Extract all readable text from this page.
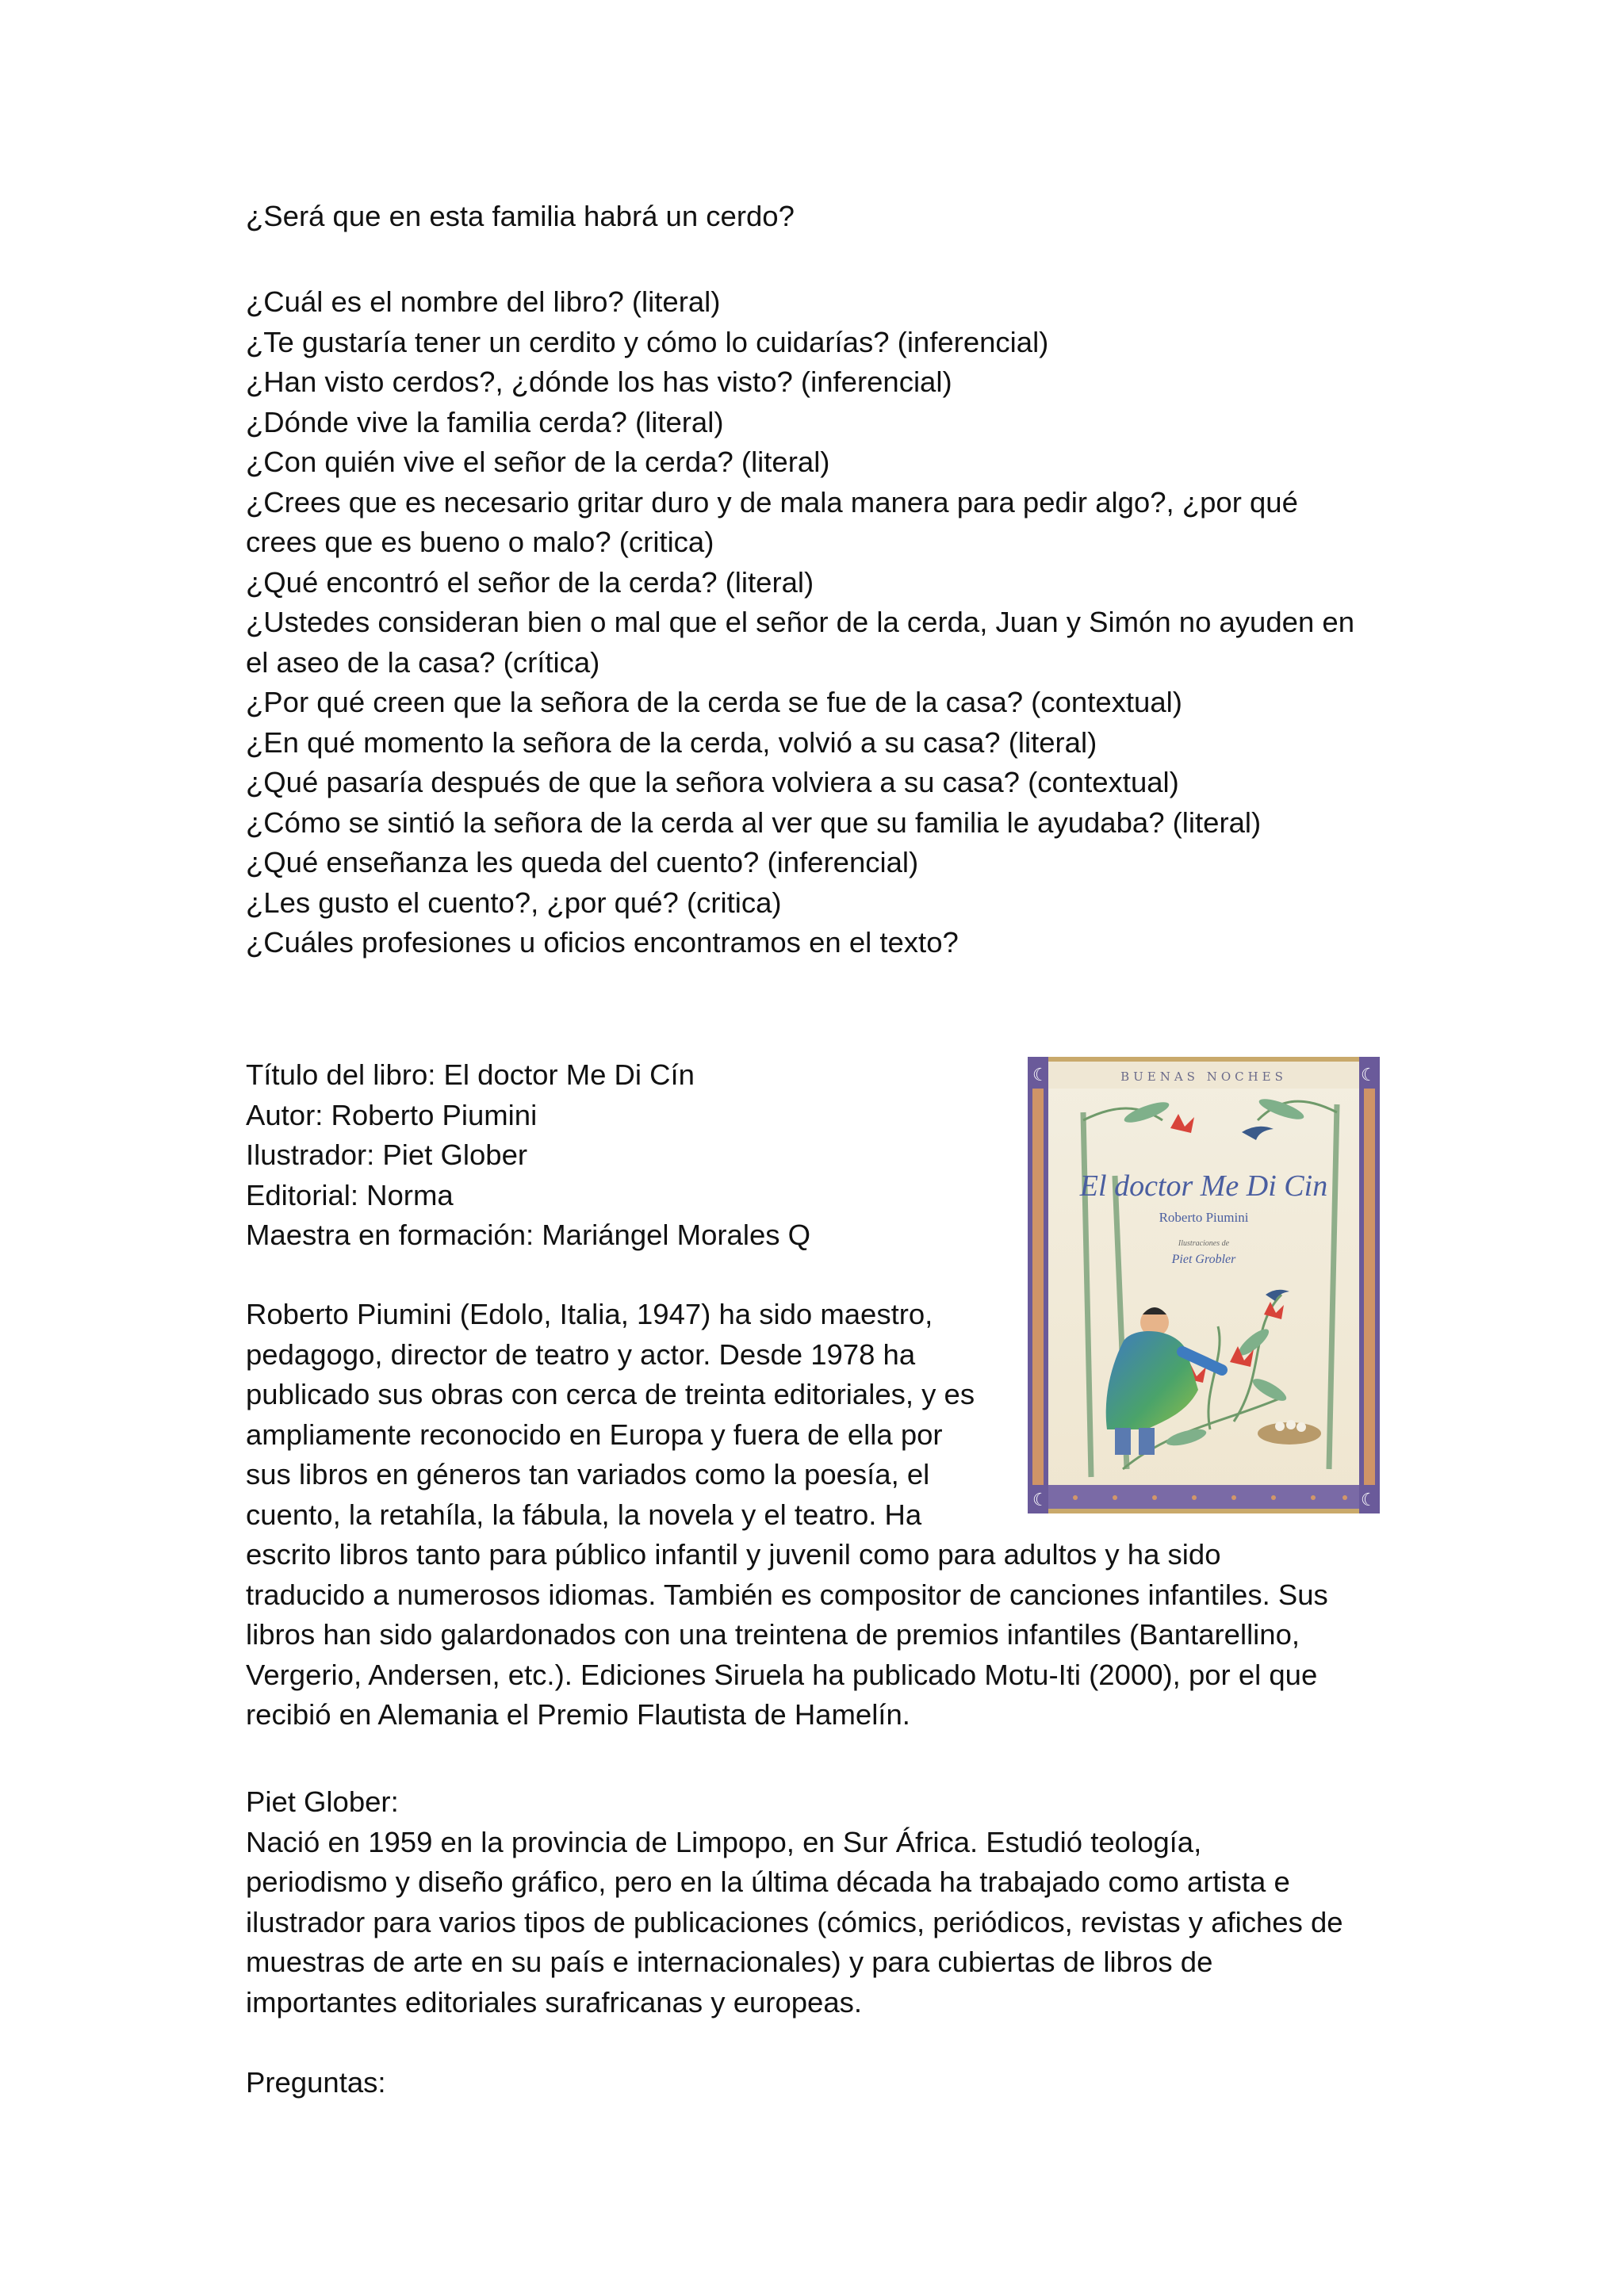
¿Será que en esta familia habrá un cerdo?
¿Cuál es el nombre del libro? (literal)
¿Te gustaría tener un cerdito y cómo lo cuidarías? (inferencial)
¿Han visto cerdos?, ¿dónde los has visto? (inferencial)
¿Dónde vive la familia cerda? (literal)
¿Con quién vive el señor de la cerda? (literal)
¿Crees que es necesario gritar duro y de mala manera para pedir algo?, ¿por qué
crees que es bueno o malo? (critica)
¿Qué encontró el señor de la cerda? (literal)
¿Ustedes consideran bien o mal que el señor de la cerda, Juan y Simón no ayuden en
el aseo de la casa? (crítica)
¿Por qué creen que la señora de la cerda se fue de la casa? (contextual)
¿En qué momento la señora de la cerda, volvió a su casa? (literal)
¿Qué pasaría después de que la señora volviera a su casa? (contextual)
¿Cómo se sintió la señora de la cerda al ver que su familia le ayudaba? (literal)
¿Qué enseñanza les queda del cuento? (inferencial)
¿Les gusto el cuento?, ¿por qué? (critica)
¿Cuáles profesiones u oficios encontramos en el texto?
Título del libro: El doctor Me Di Cín
Autor: Roberto Piumini
Ilustrador: Piet Glober
Editorial: Norma
Maestra en formación: Mariángel Morales Q
Roberto Piumini (Edolo, Italia, 1947) ha sido maestro,
pedagogo, director de teatro y actor. Desde 1978 ha
publicado sus obras con cerca de treinta editoriales, y es
ampliamente reconocido en Europa y fuera de ella por
sus libros en géneros tan variados como la poesía, el
cuento, la retahíla, la fábula, la novela y el teatro. Ha
escrito libros tanto para público infantil y juvenil como para adultos y ha sido
traducido a numerosos idiomas. También es compositor de canciones infantiles. Sus
libros han sido galardonados con una treintena de premios infantiles (Bantarellino,
Vergerio, Andersen, etc.). Ediciones Siruela ha publicado Motu-Iti (2000), por el que
recibió en Alemania el Premio Flautista de Hamelín.
Piet Glober:
Nació en 1959 en la provincia de Limpopo, en Sur África. Estudió teología,
periodismo y diseño gráfico, pero en la última década ha trabajado como artista e
ilustrador para varios tipos de publicaciones (cómics, periódicos, revistas y afiches de
muestras de arte en su país e internacionales) y para cubiertas de libros de
importantes editoriales surafricanas y europeas.
Preguntas:
BUENAS NOCHES
☾	☾
☾	☾
El doctor Me Di Cin
Roberto Piumini
Ilustraciones de
Piet Grobler
